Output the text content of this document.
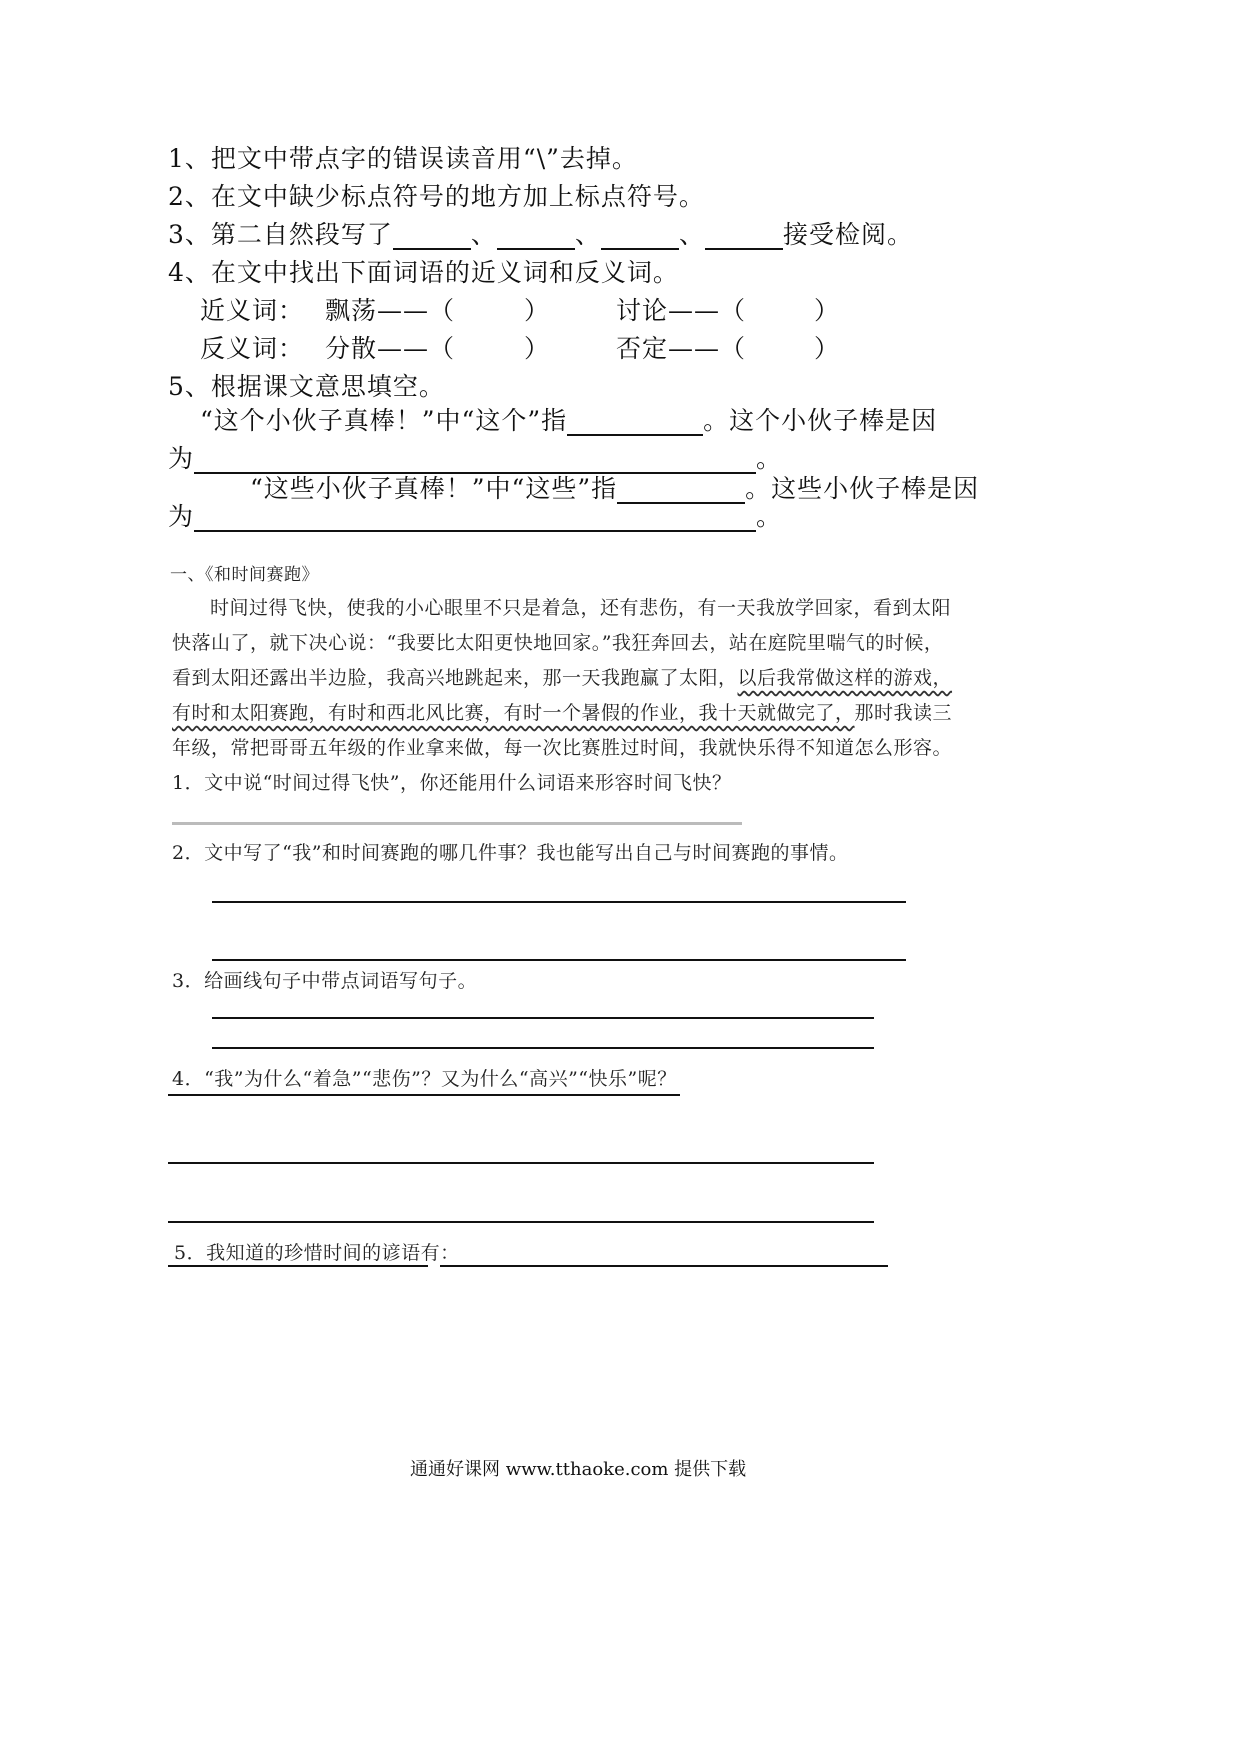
1、把文中带点字的错误读音用“\”去掉。
2、在文中缺少标点符号的地方加上标点符号。
3、第二自然段写了	、	、	、	接受检阅。
4、在文中找出下面词语的近义词和反义词。
近义词： 飘荡——（	）	讨论——（	）
反义词： 分散——（	）	否定——（	）
5、根据课文意思填空。
“这个小伙子真棒！”中“这个”指	。这个小伙子棒是因
为	。
“这些小伙子真棒！”中“这些”指	。这些小伙子棒是因
为	。
一、《和时间赛跑》
时间过得飞快，使我的小心眼里不只是着急，还有悲伤，有一天我放学回家，看到太阳
快落山了，就下决心说：“我要比太阳更快地回家。”我狂奔回去，站在庭院里喘气的时候，
看到太阳还露出半边脸，我高兴地跳起来，那一天我跑赢了太阳，以后我常做这样的游戏，
有时和太阳赛跑，有时和西北风比赛，有时一个暑假的作业，我十天就做完了，那时我读三
年级，常把哥哥五年级的作业拿来做，每一次比赛胜过时间，我就快乐得不知道怎么形容。
1．文中说“时间过得飞快”，你还能用什么词语来形容时间飞快？
2．文中写了“我”和时间赛跑的哪几件事？我也能写出自己与时间赛跑的事情。
3．给画线句子中带点词语写句子。
4．“我”为什么“着急”“悲伤”？又为什么“高兴”“快乐”呢？
5．我知道的珍惜时间的谚语有：
通通好课网 www.tthaoke.com 提供下载
